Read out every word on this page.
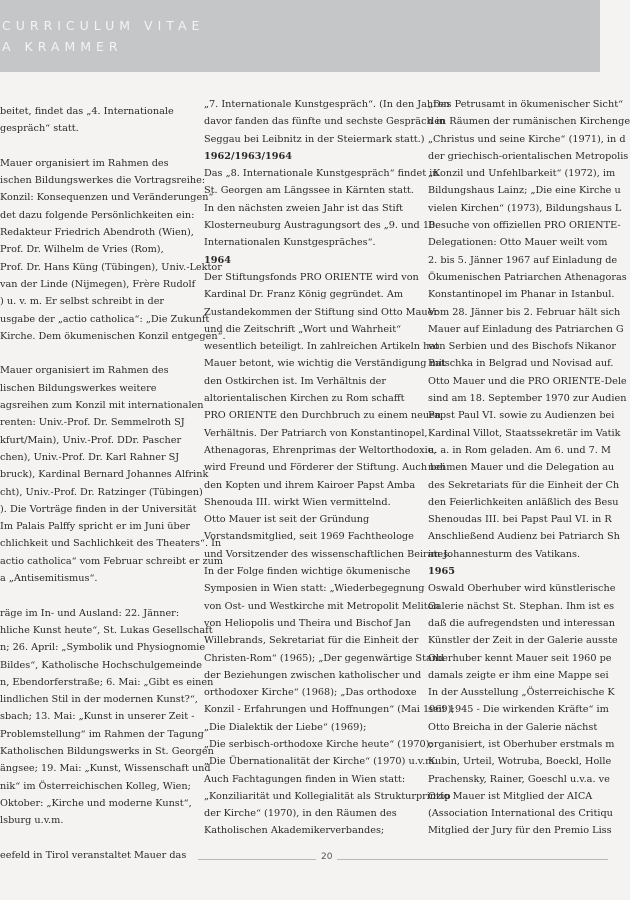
CURRICULUM VITAE
A KRAMMER
beitet, findet das „4. Internationale
gespräch“ statt.
Mauer organisiert im Rahmen des
ischen Bildungswerkes die Vortragsreihe:
Konzil: Konsequenzen und Veränderungen“
det dazu folgende Persönlichkeiten ein:
Redakteur Friedrich Abendroth (Wien),
Prof. Dr. Wilhelm de Vries (Rom),
Prof. Dr. Hans Küng (Tübingen), Univ.-Lektor
van der Linde (Nijmegen), Frère Rudolf
) u. v. m. Er selbst schreibt in der
usgabe der „actio catholica“: „Die Zukunft
Kirche. Dem ökumenischen Konzil entgegen“.
Mauer organisiert im Rahmen des
lischen Bildungswerkes weitere
agsreihen zum Konzil mit internationalen
renten: Univ.-Prof. Dr. Semmelroth SJ
kfurt/Main), Univ.-Prof. DDr. Pascher
chen), Univ.-Prof. Dr. Karl Rahner SJ
bruck), Kardinal Bernard Johannes Alfrink
cht), Univ.-Prof. Dr. Ratzinger (Tübingen)
). Die Vorträge finden in der Universität
Im Palais Palffy spricht er im Juni über
chlichkeit und Sachlichkeit des Theaters“. In
actio catholica“ vom Februar schreibt er zum
a „Antisemitismus“.
räge im In- und Ausland: 22. Jänner:
hliche Kunst heute“, St. Lukas Gesellschaft
n; 26. April: „Symbolik und Physiognomie
Bildes“, Katholische Hochschulgemeinde
n, Ebendorferstraße; 6. Mai: „Gibt es einen
lindlichen Stil in der modernen Kunst?“,
sbach; 13. Mai: „Kunst in unserer Zeit -
Problemstellung“ im Rahmen der Tagung
Katholischen Bildungswerks in St. Georgen
ängsee; 19. Mai: „Kunst, Wissenschaft und
nik“ im Österreichischen Kolleg, Wien;
Oktober: „Kirche und moderne Kunst“,
lsburg u.v.m.
eefeld in Tirol veranstaltet Mauer das
„7. Internationale Kunstgespräch“. (In den Jahren
davor fanden das fünfte und sechste Gespräch in
Seggau bei Leibnitz in der Steiermark statt.)
1962/1963/1964
Das „8. Internationale Kunstgespräch“ findet in
St. Georgen am Längssee in Kärnten statt.
In den nächsten zweien Jahr ist das Stift
Klosterneuburg Austragungsort des „9. und 10.
Internationalen Kunstgespräches“.
1964
Der Stiftungsfonds PRO ORIENTE wird von
Kardinal Dr. Franz König gegründet. Am
Zustandekommen der Stiftung sind Otto Mauer
und die Zeitschrift „Wort und Wahrheit“
wesentlich beteiligt. In zahlreichen Artikeln hat
Mauer betont, wie wichtig die Verständigung mit
den Ostkirchen ist. Im Verhältnis der
altorientalischen Kirchen zu Rom schafft
PRO ORIENTE den Durchbruch zu einem neuen
Verhältnis. Der Patriarch von Konstantinopel,
Athenagoras, Ehrenprimas der Weltorthodoxie,
wird Freund und Förderer der Stiftung. Auch bei
den Kopten und ihrem Kairoer Papst Amba
Shenouda III. wirkt Wien vermittelnd.
Otto Mauer ist seit der Gründung
Vorstandsmitglied, seit 1969 Fachtheologe
und Vorsitzender des wissenschaftlichen Beirates.
In der Folge finden wichtige ökumenische
Symposien in Wien statt: „Wiederbegegnung
von Ost- und Westkirche mit Metropolit Meliton
von Heliopolis und Theira und Bischof Jan
Willebrands, Sekretariat für die Einheit der
Christen-Rom“ (1965); „Der gegenwärtige Stand
der Beziehungen zwischen katholischer und
orthodoxer Kirche“ (1968); „Das orthodoxe
Konzil - Erfahrungen und Hoffnungen“ (Mai 1969);
„Die Dialektik der Liebe“ (1969);
„Die serbisch-orthodoxe Kirche heute“ (1970);
„Die Übernationalität der Kirche“ (1970) u.v.m.
Auch Fachtagungen finden in Wien statt:
„Konziliarität und Kollegialität als Strukturprinzip
der Kirche“ (1970), in den Räumen des
Katholischen Akademikerverbandes;
„Das Petrusamt in ökumenischer Sicht“
den Räumen der rumänischen Kirchenge
„Christus und seine Kirche“ (1971), in d
der griechisch-orientalischen Metropolis
„Konzil und Unfehlbarkeit“ (1972), im
Bildungshaus Lainz; „Die eine Kirche u
vielen Kirchen“ (1973), Bildungshaus L
Besuche von offiziellen PRO ORIENTE-
Delegationen: Otto Mauer weilt vom
2. bis 5. Jänner 1967 auf Einladung de
Ökumenischen Patriarchen Athenagoras
Konstantinopel im Phanar in Istanbul.
Vom 28. Jänner bis 2. Februar hält sich
Mauer auf Einladung des Patriarchen G
von Serbien und des Bischofs Nikanor
Batschka in Belgrad und Novisad auf.
Otto Mauer und die PRO ORIENTE-Dele
sind am 18. September 1970 zur Audien
Papst Paul VI. sowie zu Audienzen bei
Kardinal Villot, Staatssekretär im Vatik
u. a. in Rom geladen. Am 6. und 7. M
nehmen Mauer und die Delegation au
des Sekretariats für die Einheit der Ch
den Feierlichkeiten anläßlich des Besu
Shenoudas III. bei Papst Paul VI. in R
Anschließend Audienz bei Patriarch Sh
im Johannesturm des Vatikans.
1965
Oswald Oberhuber wird künstlerische
Galerie nächst St. Stephan. Ihm ist es
daß die aufregendsten und interessan
Künstler der Zeit in der Galerie ausste
Oberhuber kennt Mauer seit 1960 pe
damals zeigte er ihm eine Mappe sei
In der Ausstellung „Österreichische K
seit 1945 - Die wirkenden Kräfte“ im
Otto Breicha in der Galerie nächst
organisiert, ist Oberhuber erstmals m
Kubin, Urteil, Wotruba, Boeckl, Holle
Prachensky, Rainer, Goeschl u.v.a. ve
Otto Mauer ist Mitglied der AICA
(Association International des Critiqu
Mitglied der Jury für den Premio Liss
20
